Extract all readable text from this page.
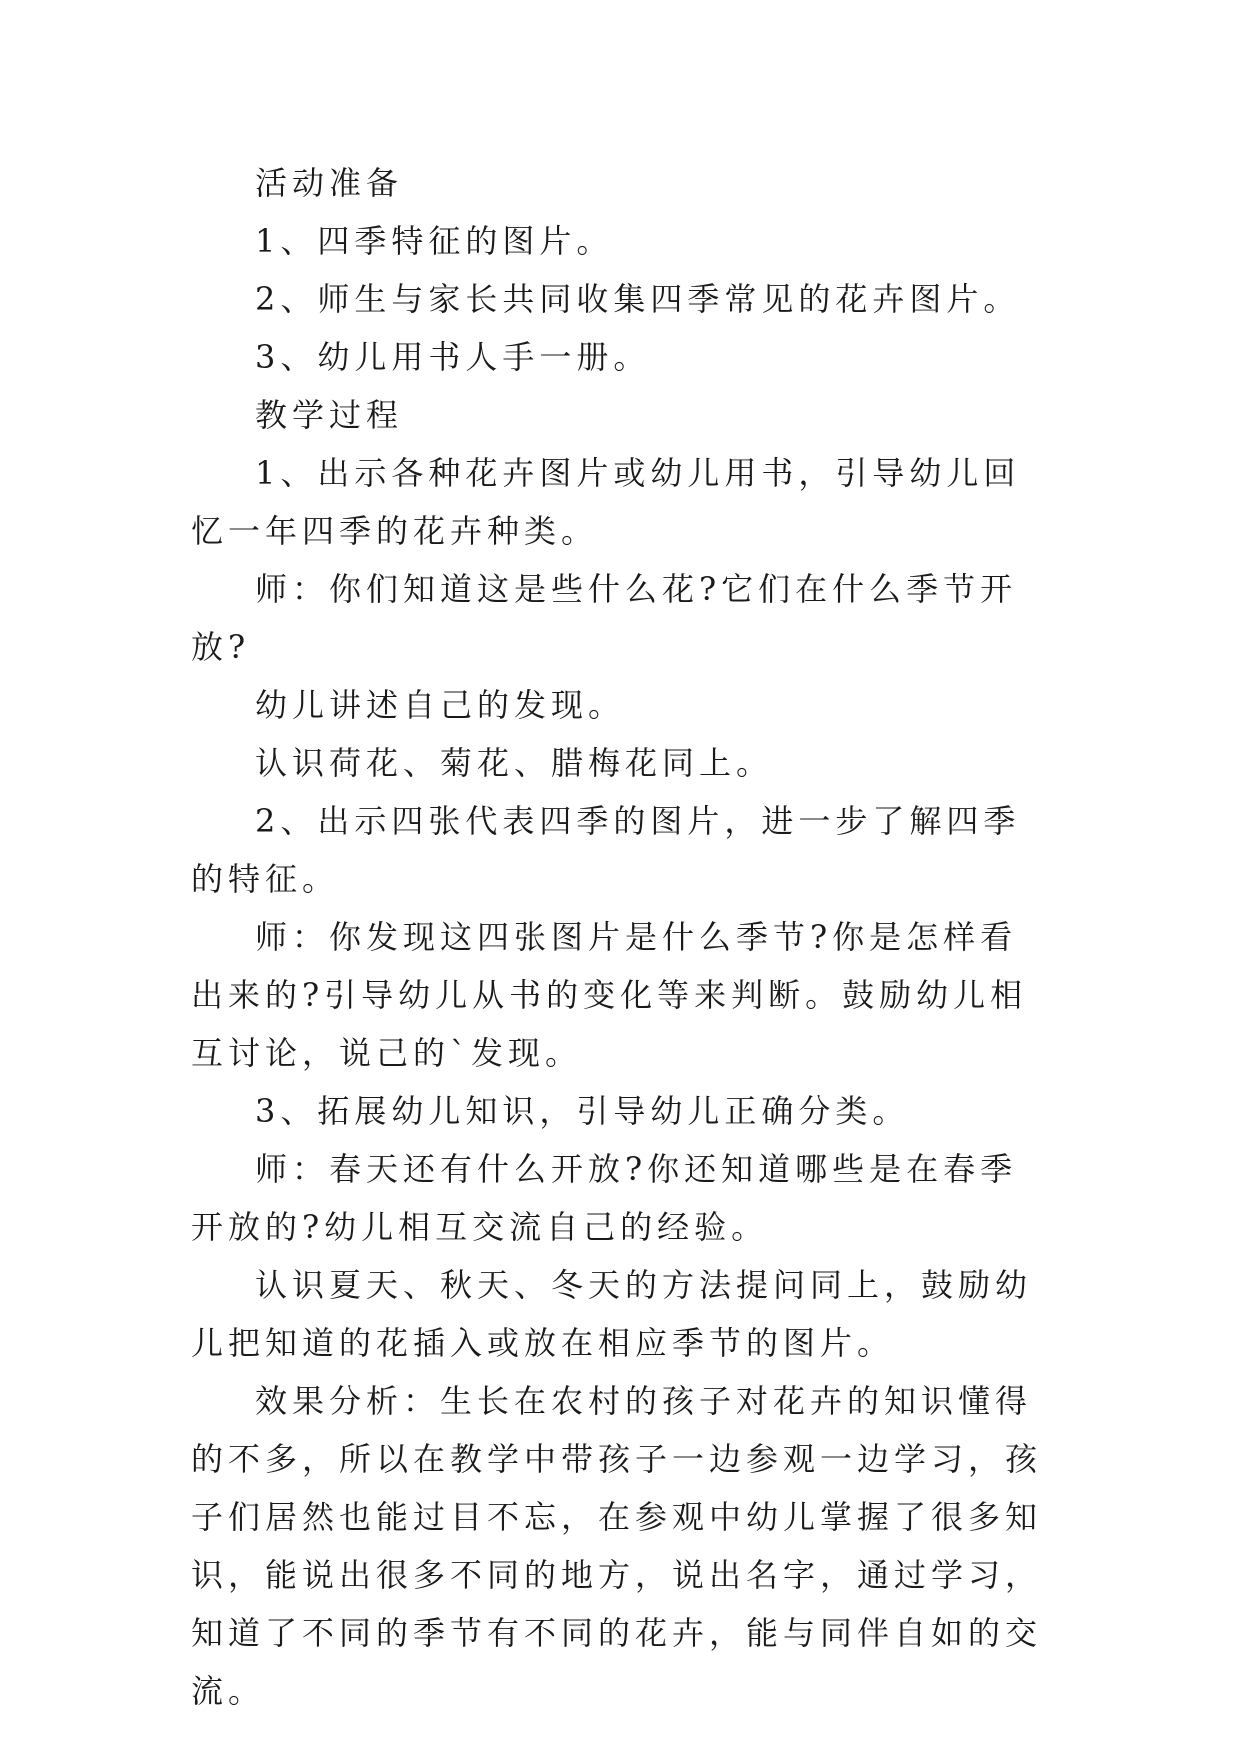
活动准备

1、四季特征的图片。

2、师生与家长共同收集四季常见的花卉图片。

3、幼儿用书人手一册。

教学过程

1、出示各种花卉图片或幼儿用书，引导幼儿回忆一年四季的花卉种类。

师：你们知道这是些什么花?它们在什么季节开放?

幼儿讲述自己的发现。

认识荷花、菊花、腊梅花同上。

2、出示四张代表四季的图片，进一步了解四季的特征。

师：你发现这四张图片是什么季节?你是怎样看出来的?引导幼儿从书的变化等来判断。鼓励幼儿相互讨论，说己的`发现。

3、拓展幼儿知识，引导幼儿正确分类。

师：春天还有什么开放?你还知道哪些是在春季开放的?幼儿相互交流自己的经验。

认识夏天、秋天、冬天的方法提问同上，鼓励幼儿把知道的花插入或放在相应季节的图片。

效果分析：生长在农村的孩子对花卉的知识懂得的不多，所以在教学中带孩子一边参观一边学习，孩子们居然也能过目不忘，在参观中幼儿掌握了很多知识，能说出很多不同的地方，说出名字，通过学习，知道了不同的季节有不同的花卉，能与同伴自如的交流。
